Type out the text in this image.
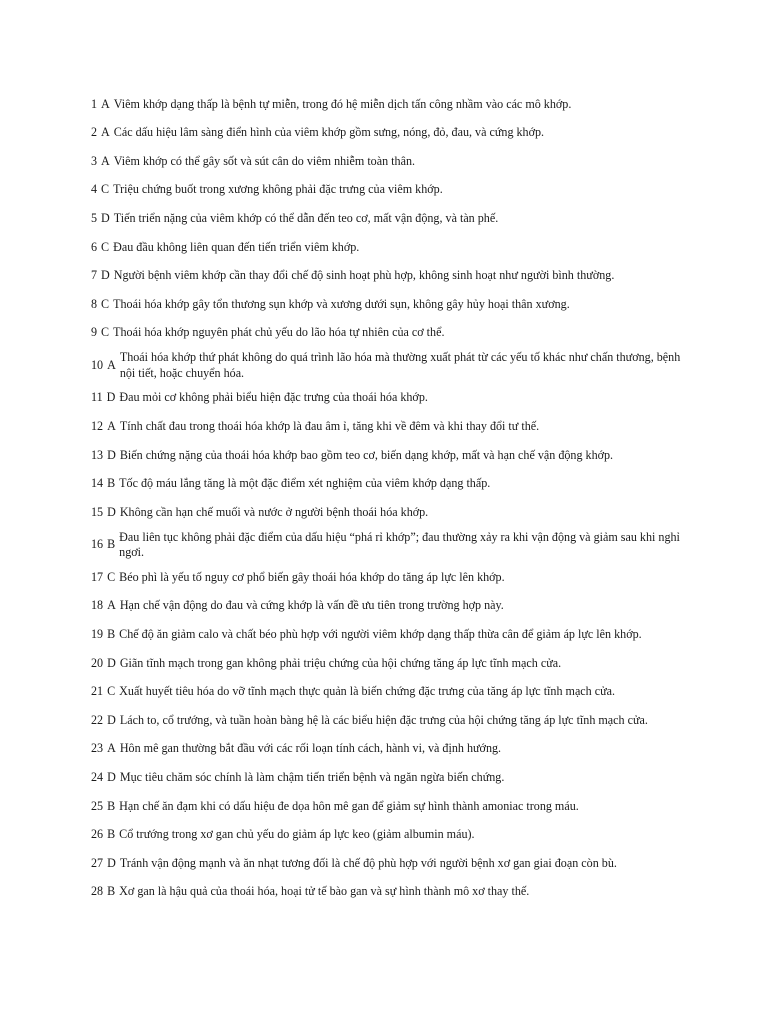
1 A Viêm khớp dạng thấp là bệnh tự miễn, trong đó hệ miễn dịch tấn công nhầm vào các mô khớp.
2 A Các dấu hiệu lâm sàng điển hình của viêm khớp gồm sưng, nóng, đỏ, đau, và cứng khớp.
3 A Viêm khớp có thể gây sốt và sút cân do viêm nhiễm toàn thân.
4 C Triệu chứng buốt trong xương không phải đặc trưng của viêm khớp.
5 D Tiến triển nặng của viêm khớp có thể dẫn đến teo cơ, mất vận động, và tàn phế.
6 C Đau đầu không liên quan đến tiến triển viêm khớp.
7 D Người bệnh viêm khớp cần thay đổi chế độ sinh hoạt phù hợp, không sinh hoạt như người bình thường.
8 C Thoái hóa khớp gây tổn thương sụn khớp và xương dưới sụn, không gây hủy hoại thân xương.
9 C Thoái hóa khớp nguyên phát chủ yếu do lão hóa tự nhiên của cơ thể.
10 A
Thoái hóa khớp thứ phát không do quá trình lão hóa mà thường xuất phát từ các yếu tố khác như chấn thương, bệnh nội tiết, hoặc chuyển hóa.
11 D Đau mỏi cơ không phải biểu hiện đặc trưng của thoái hóa khớp.
12 A Tính chất đau trong thoái hóa khớp là đau âm ỉ, tăng khi về đêm và khi thay đổi tư thế.
13 D Biến chứng nặng của thoái hóa khớp bao gồm teo cơ, biến dạng khớp, mất và hạn chế vận động khớp.
14 B Tốc độ máu lắng tăng là một đặc điểm xét nghiệm của viêm khớp dạng thấp.
15 D Không cần hạn chế muối và nước ở người bệnh thoái hóa khớp.
16 B
Đau liên tục không phải đặc điểm của dấu hiệu “phá rỉ khớp”; đau thường xảy ra khi vận động và giảm sau khi nghỉ ngơi.
17 C Béo phì là yếu tố nguy cơ phổ biến gây thoái hóa khớp do tăng áp lực lên khớp.
18 A Hạn chế vận động do đau và cứng khớp là vấn đề ưu tiên trong trường hợp này.
19 B Chế độ ăn giảm calo và chất béo phù hợp với người viêm khớp dạng thấp thừa cân để giảm áp lực lên khớp.
20 D Giãn tĩnh mạch trong gan không phải triệu chứng của hội chứng tăng áp lực tĩnh mạch cửa.
21 C Xuất huyết tiêu hóa do vỡ tĩnh mạch thực quản là biến chứng đặc trưng của tăng áp lực tĩnh mạch cửa.
22 D Lách to, cổ trướng, và tuần hoàn bàng hệ là các biểu hiện đặc trưng của hội chứng tăng áp lực tĩnh mạch cửa.
23 A Hôn mê gan thường bắt đầu với các rối loạn tính cách, hành vi, và định hướng.
24 D Mục tiêu chăm sóc chính là làm chậm tiến triển bệnh và ngăn ngừa biến chứng.
25 B Hạn chế ăn đạm khi có dấu hiệu đe dọa hôn mê gan để giảm sự hình thành amoniac trong máu.
26 B Cổ trướng trong xơ gan chủ yếu do giảm áp lực keo (giảm albumin máu).
27 D Tránh vận động mạnh và ăn nhạt tương đối là chế độ phù hợp với người bệnh xơ gan giai đoạn còn bù.
28 B Xơ gan là hậu quả của thoái hóa, hoại tử tế bào gan và sự hình thành mô xơ thay thế.
